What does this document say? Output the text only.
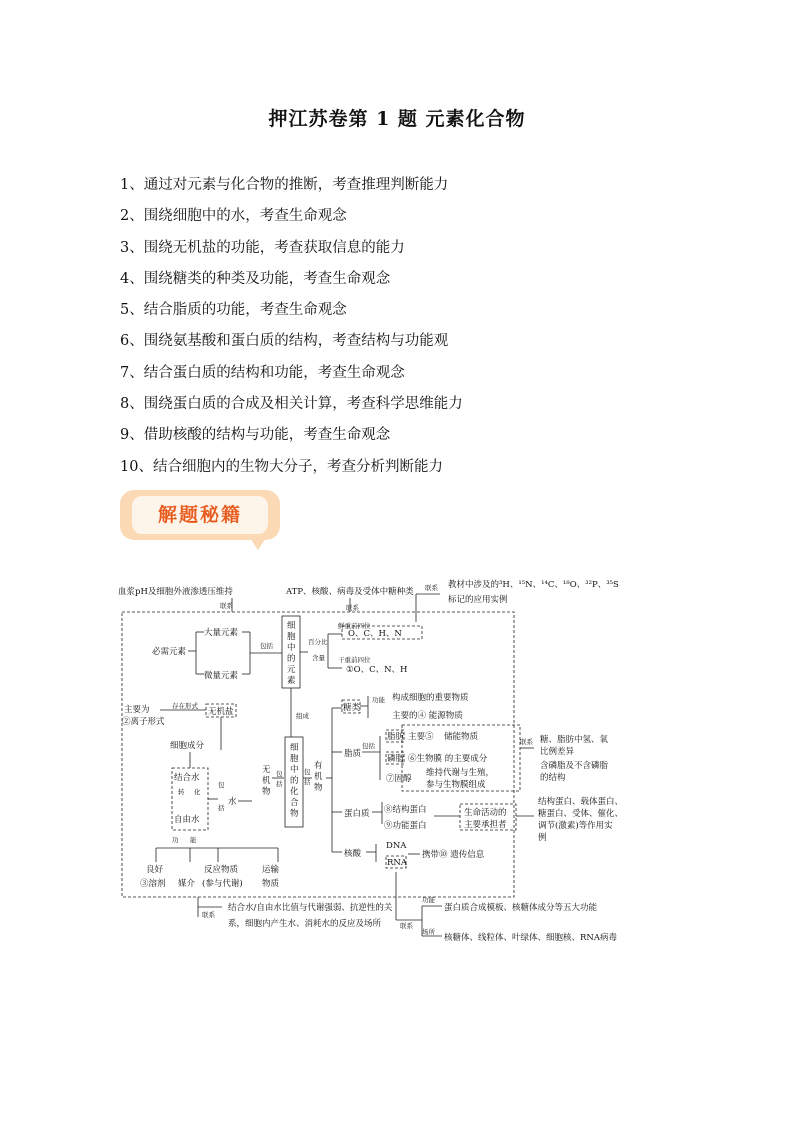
押江苏卷第 1 题 元素化合物
1、通过对元素与化合物的推断，考查推理判断能力
2、围绕细胞中的水，考查生命观念
3、围绕无机盐的功能，考查获取信息的能力
4、围绕糖类的种类及功能，考查生命观念
5、结合脂质的功能，考查生命观念
6、围绕氨基酸和蛋白质的结构，考查结构与功能观
7、结合蛋白质的结构和功能，考查生命观念
8、围绕蛋白质的合成及相关计算，考查科学思维能力
9、借助核酸的结构与功能，考查生命观念
10、结合细胞内的生物大分子，考查分析判断能力
解题秘籍
血浆pH及细胞外液渗透压维持
联系
ATP、核酸、病毒及受体中糖种类
联系
联系 教材中涉及的³H、¹⁵N、¹⁴C、¹⁸O、³²P、³⁵S
标记的应用实例
必需元素
大量元素
微量元素
包括
细胞中的元素
百分比
含量
鲜重前四位
O、C、H、N
干重前四位
①O、C、N、H
组成
主要为	存在形式
②离子形式
无机盐
细胞成分
结合水
转 化
自由水
包
括
水
功 能
良好
③溶剂 媒介
反应物质
(参与代谢)
运输
物质
无机物
包括
细胞中的化合物
包括
有机物
糖类
功能 构成细胞的重要物质
主要的④ 能源物质
脂质
包括
脂肪 主要⑤ 储能物质
磷脂 ⑥生物膜 的主要成分
⑦固醇
维持代谢与生殖，
参与生物膜组成
联系
蛋白质 ⑧结构蛋白
⑨功能蛋白
生命活动的
主要承担者
核酸
DNA
RNA
携带⑩ 遗传信息
糖、脂肪中氢、氧
比例差异
含磷脂及不含磷脂
的结构
结构蛋白、载体蛋白、
糖蛋白、受体、催化、
调节(激素)等作用实
例
联系
结合水/自由水比值与代谢强弱、抗逆性的关
系，细胞内产生水、消耗水的反应及场所	联系
功能
场所
蛋白质合成模板、核糖体成分等五大功能
核糖体、线粒体、叶绿体、细胞核、RNA病毒
